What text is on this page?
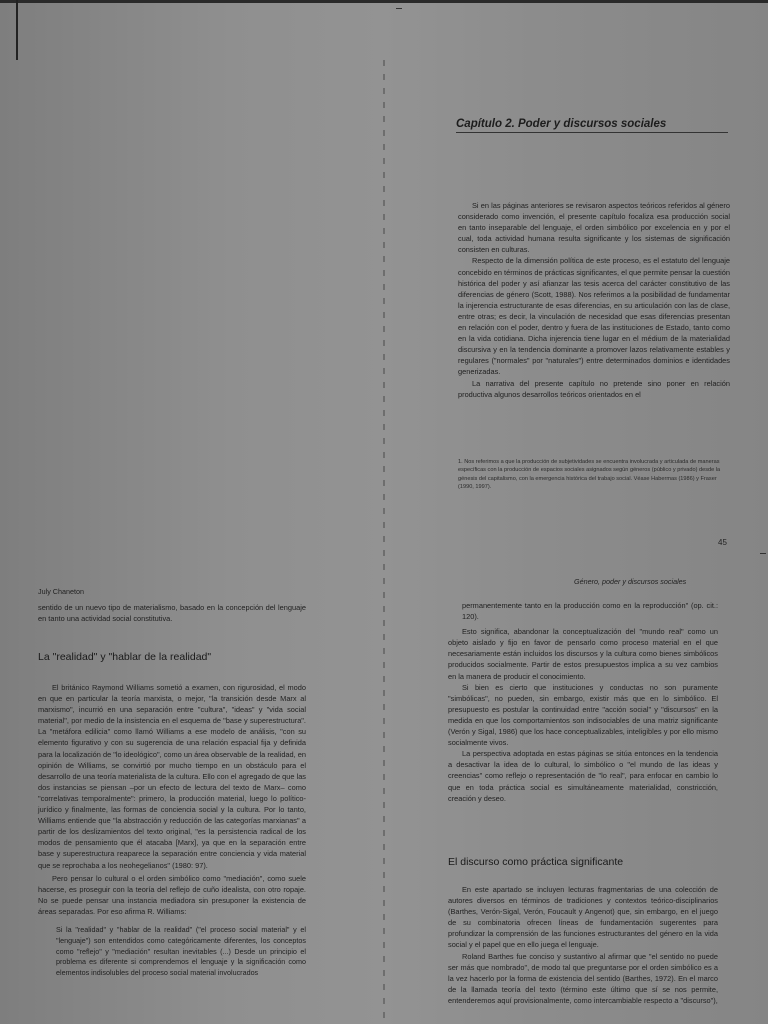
Capítulo 2. Poder y discursos sociales

Si en las páginas anteriores se revisaron aspectos teóricos referidos al género considerado como invención, el presente capítulo focaliza esa producción social en tanto inseparable del lenguaje, el orden simbólico por excelencia en y por el cual, toda actividad humana resulta significante y los sistemas de significación consisten en culturas.

Respecto de la dimensión política de este proceso, es el estatuto del lenguaje concebido en términos de prácticas significantes, el que permite pensar la cuestión histórica del poder y así afianzar las tesis acerca del carácter constitutivo de las diferencias de género (Scott, 1988). Nos referimos a la posibilidad de fundamentar la injerencia estructurante de esas diferencias, en su articulación con las de clase, entre otras; es decir, la vinculación de necesidad que esas diferencias presentan en relación con el poder, dentro y fuera de las instituciones de Estado, tanto como en la vida cotidiana. Dicha injerencia tiene lugar en el médium de la materialidad discursiva y en la tendencia dominante a promover lazos relativamente estables y regulares ("normales" por "naturales") entre determinados dominios e identidades generizadas.

La narrativa del presente capítulo no pretende sino poner en relación productiva algunos desarrollos teóricos orientados en el

1. Nos referimos a que la producción de subjetividades se encuentra involucrada y articulada de maneras específicas con la producción de espacios sociales asignados según géneros (público y privado) desde la génesis del capitalismo, con la emergencia histórica del trabajo social. Véase Habermas (1986) y Fraser (1990, 1997).
45
July Chaneton

sentido de un nuevo tipo de materialismo, basado en la concepción del lenguaje en tanto una actividad social constitutiva.

La "realidad" y "hablar de la realidad"

El británico Raymond Williams sometió a examen, con rigurosidad, el modo en que en particular la teoría marxista, o mejor, "la transición desde Marx al marxismo", incurrió en una separación entre "cultura", "ideas" y "vida social material", por medio de la insistencia en el esquema de "base y superestructura". La "metáfora edilicia" como llamó Williams a ese modelo de análisis, "con su elemento figurativo y con su sugerencia de una relación espacial fija y definida para la localización de "lo ideológico", como un área observable de la realidad, en opinión de Williams, se convirtió por mucho tiempo en un obstáculo para el desarrollo de una teoría materialista de la cultura. Ello con el agregado de que las dos instancias se piensan –por un efecto de lectura del texto de Marx– como "correlativas temporalmente": primero, la producción material, luego lo político-jurídico y finalmente, las formas de conciencia social y la cultura. Por lo tanto, Williams entiende que "la abstracción y reducción de las categorías marxianas" a partir de los deslizamientos del texto original, "es la persistencia radical de los modos de pensamiento que él atacaba [Marx], ya que en la separación entre base y superestructura reaparece la separación entre conciencia y vida material que se reprochaba a los neohegelianos" (1980: 97).

Pero pensar lo cultural o el orden simbólico como "mediación", como suele hacerse, es proseguir con la teoría del reflejo de cuño idealista, con otro ropaje. No se puede pensar una instancia mediadora sin presuponer la existencia de áreas separadas. Por eso afirma R. Williams:

Si la "realidad" y "hablar de la realidad" ("el proceso social material" y el "lenguaje") son entendidos como categóricamente diferentes, los conceptos como "reflejo" y "mediación" resultan inevitables (...) Desde un principio el problema es diferente si comprendemos el lenguaje y la significación como elementos indisolubles del proceso social material involucrados

Género, poder y discursos sociales

permanentemente tanto en la producción como en la reproducción" (op. cit.: 120).

Esto significa, abandonar la conceptualización del "mundo real" como un objeto aislado y fijo en favor de pensarlo como proceso material en el que necesariamente están incluidos los discursos y la cultura como bienes simbólicos producidos socialmente. Partir de estos presupuestos implica a su vez cambios en la manera de producir el conocimiento.

Si bien es cierto que instituciones y conductas no son puramente "simbólicas", no pueden, sin embargo, existir más que en lo simbólico. El presupuesto es postular la continuidad entre "acción social" y "discursos" en la medida en que los comportamientos son indisociables de una matriz significante (Verón y Sigal, 1986) que los hace conceptualizables, inteligibles y por ello mismo socialmente vivos.

La perspectiva adoptada en estas páginas se sitúa entonces en la tendencia a desactivar la idea de lo cultural, lo simbólico o "el mundo de las ideas y creencias" como reflejo o representación de "lo real", para enfocar en cambio lo que en toda práctica social es simultáneamente materialidad, constricción, creación y deseo.

El discurso como práctica significante

En este apartado se incluyen lecturas fragmentarias de una colección de autores diversos en términos de tradiciones y contextos teórico-disciplinarios (Barthes, Verón-Sigal, Verón, Foucault y Angenot) que, sin embargo, en el juego de su combinatoria ofrecen líneas de fundamentación sugerentes para profundizar la comprensión de las funciones estructurantes del género en la vida social y el papel que en ello juega el lenguaje.

Roland Barthes fue conciso y sustantivo al afirmar que "el sentido no puede ser más que nombrado", de modo tal que preguntarse por el orden simbólico es a la vez hacerlo por la forma de existencia del sentido (Barthes, 1972). En el marco de la llamada teoría del texto (término este último que sí se nos permite, entenderemos aquí provisionalmente, como intercambiable respecto a "discurso"),
